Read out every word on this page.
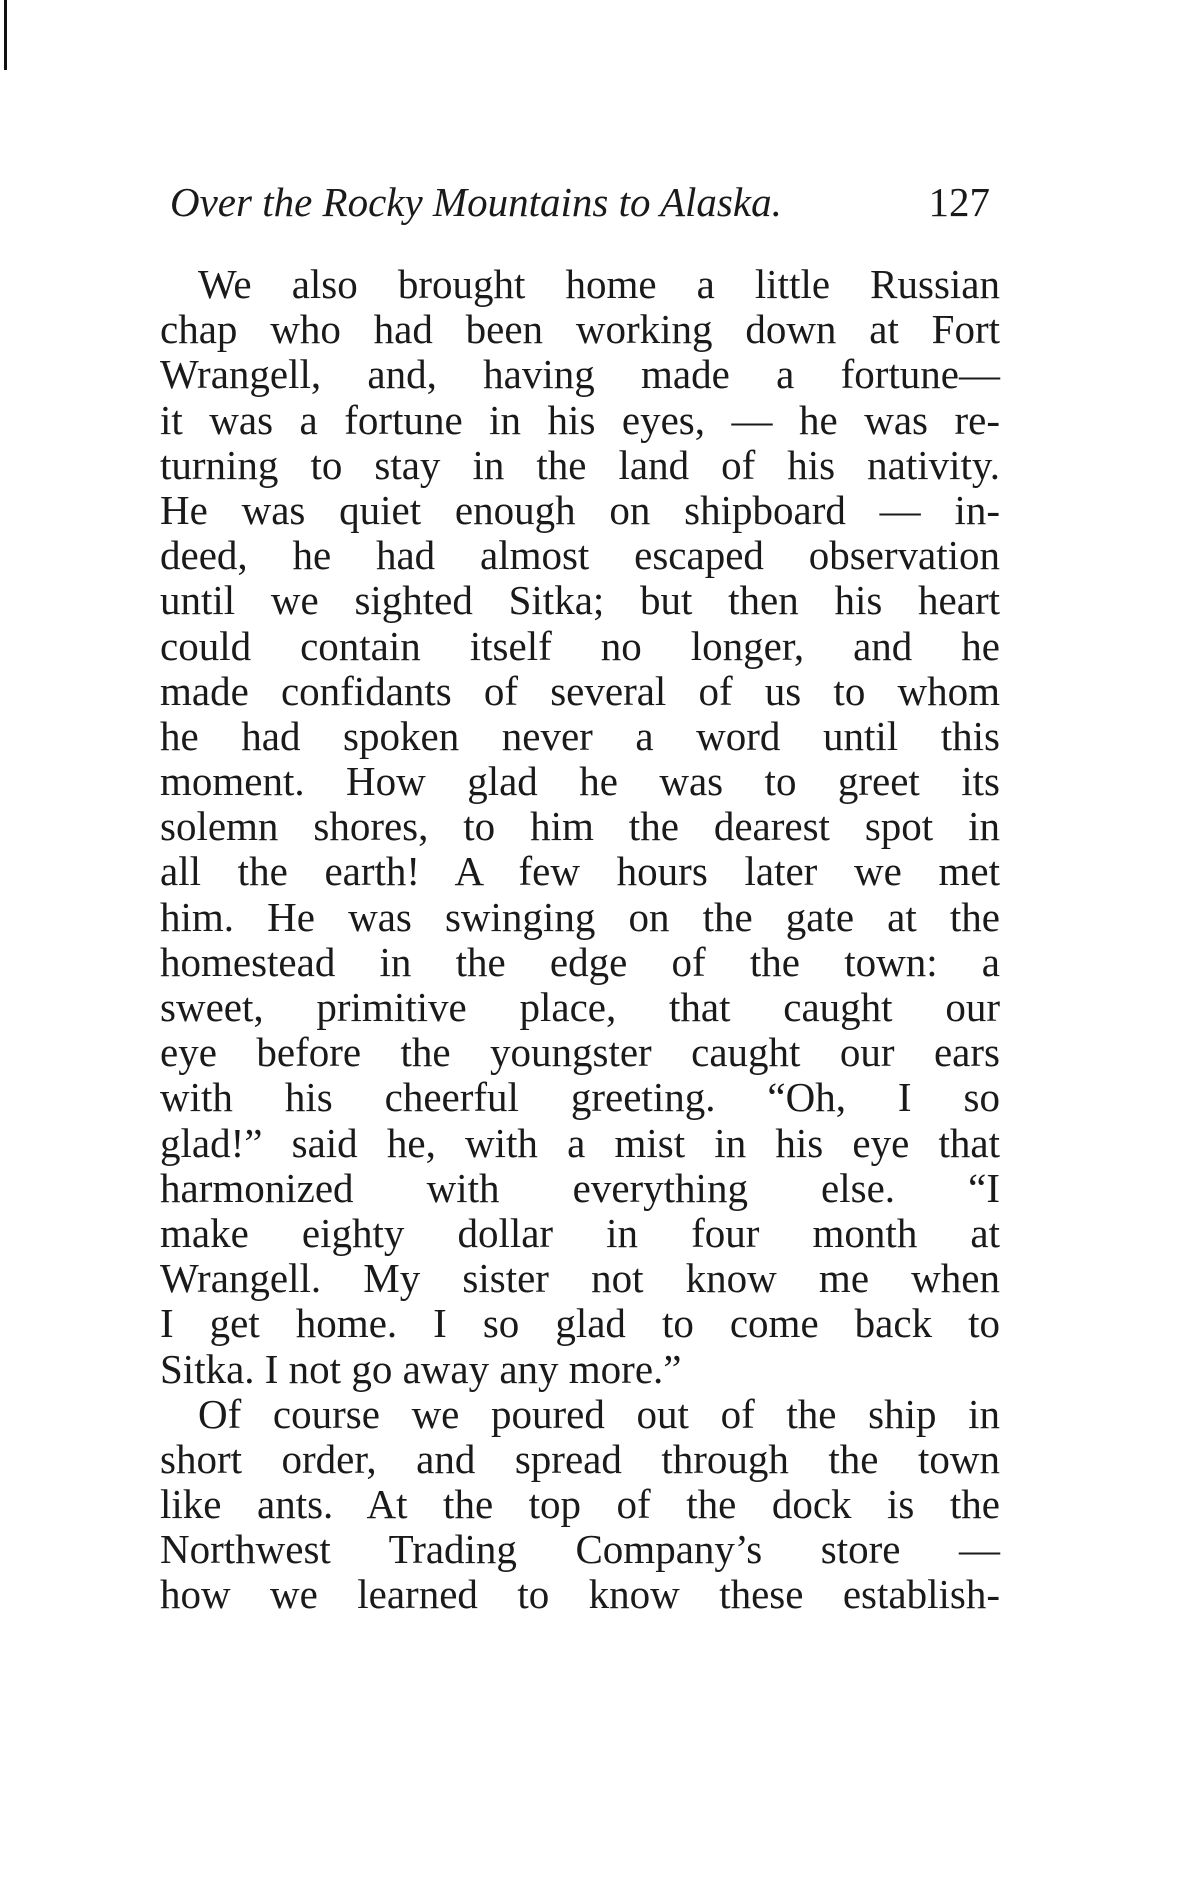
Over the Rocky Mountains to Alaska.	127
We also brought home a little Russian
chap who had been working down at Fort
Wrangell, and, having made a fortune—
it was a fortune in his eyes, — he was re-
turning to stay in the land of his nativity.
He was quiet enough on shipboard — in-
deed, he had almost escaped observation
until we sighted Sitka; but then his heart
could contain itself no longer, and he
made confidants of several of us to whom
he had spoken never a word until this
moment. How glad he was to greet its
solemn shores, to him the dearest spot in
all the earth! A few hours later we met
him. He was swinging on the gate at the
homestead in the edge of the town: a
sweet, primitive place, that caught our
eye before the youngster caught our ears
with his cheerful greeting. “Oh, I so
glad!” said he, with a mist in his eye that
harmonized with everything else. “I
make eighty dollar in four month at
Wrangell. My sister not know me when
I get home. I so glad to come back to
Sitka. I not go away any more.”
Of course we poured out of the ship in
short order, and spread through the town
like ants. At the top of the dock is the
Northwest Trading Company’s store —
how we learned to know these establish-
